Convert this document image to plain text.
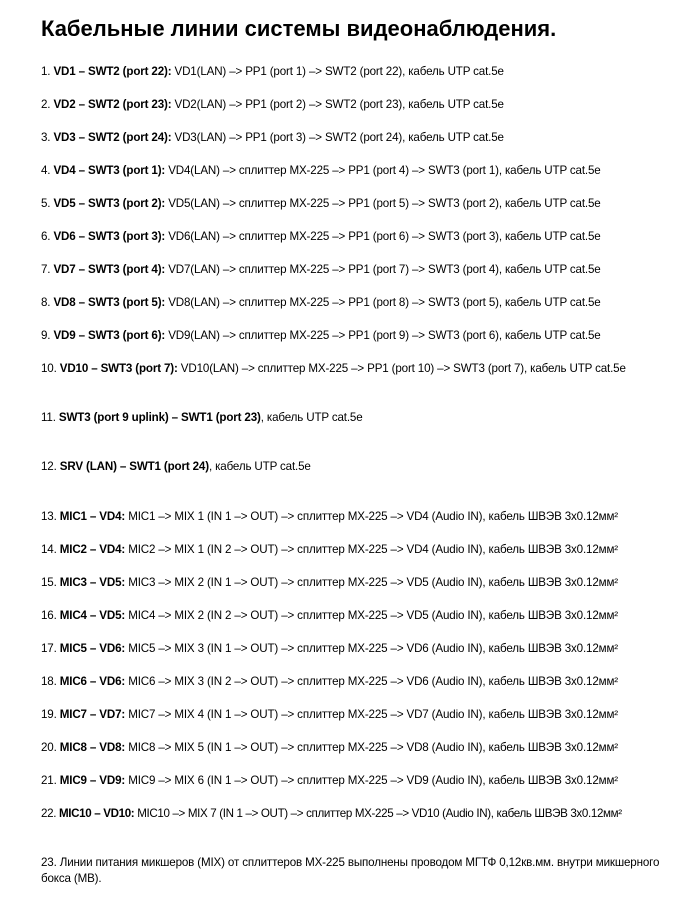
Кабельные линии системы видеонаблюдения.
1. VD1 – SWT2 (port 22): VD1(LAN) –> PP1 (port 1) –> SWT2 (port 22), кабель UTP cat.5e
2. VD2 – SWT2 (port 23): VD2(LAN) –> PP1 (port 2) –> SWT2 (port 23), кабель UTP cat.5e
3. VD3 – SWT2 (port 24): VD3(LAN) –> PP1 (port 3) –> SWT2 (port 24), кабель UTP cat.5e
4. VD4 – SWT3 (port 1): VD4(LAN) –> сплиттер MX-225 –> PP1 (port 4) –> SWT3 (port 1), кабель UTP cat.5e
5. VD5 – SWT3 (port 2): VD5(LAN) –> сплиттер MX-225 –> PP1 (port 5) –> SWT3 (port 2), кабель UTP cat.5e
6. VD6 – SWT3 (port 3): VD6(LAN) –> сплиттер MX-225 –> PP1 (port 6) –> SWT3 (port 3), кабель UTP cat.5e
7. VD7 – SWT3 (port 4): VD7(LAN) –> сплиттер MX-225 –> PP1 (port 7) –> SWT3 (port 4), кабель UTP cat.5e
8. VD8 – SWT3 (port 5): VD8(LAN) –> сплиттер MX-225 –> PP1 (port 8) –> SWT3 (port 5), кабель UTP cat.5e
9. VD9 – SWT3 (port 6): VD9(LAN) –> сплиттер MX-225 –> PP1 (port 9) –> SWT3 (port 6), кабель UTP cat.5e
10. VD10 – SWT3 (port 7): VD10(LAN) –> сплиттер MX-225 –> PP1 (port 10) –> SWT3 (port 7), кабель UTP cat.5e
11. SWT3 (port 9 uplink) – SWT1 (port 23), кабель UTP cat.5e
12. SRV (LAN) – SWT1 (port 24), кабель UTP cat.5e
13. MIC1 – VD4: MIC1 –> MIX 1 (IN 1 –> OUT) –> сплиттер MX-225 –> VD4 (Audio IN), кабель ШВЭВ 3х0.12мм²
14. MIC2 – VD4: MIC2 –> MIX 1 (IN 2 –> OUT) –> сплиттер MX-225 –> VD4 (Audio IN), кабель ШВЭВ 3х0.12мм²
15. MIC3 – VD5: MIC3 –> MIX 2 (IN 1 –> OUT) –> сплиттер MX-225 –> VD5 (Audio IN), кабель ШВЭВ 3х0.12мм²
16. MIC4 – VD5: MIC4 –> MIX 2 (IN 2 –> OUT) –> сплиттер MX-225 –> VD5 (Audio IN), кабель ШВЭВ 3х0.12мм²
17. MIC5 – VD6: MIC5 –> MIX 3 (IN 1 –> OUT) –> сплиттер MX-225 –> VD6 (Audio IN), кабель ШВЭВ 3х0.12мм²
18. MIC6 – VD6: MIC6 –> MIX 3 (IN 2 –> OUT) –> сплиттер MX-225 –> VD6 (Audio IN), кабель ШВЭВ 3х0.12мм²
19. MIC7 – VD7: MIC7 –> MIX 4 (IN 1 –> OUT) –> сплиттер MX-225 –> VD7 (Audio IN), кабель ШВЭВ 3х0.12мм²
20. MIC8 – VD8: MIC8 –> MIX 5 (IN 1 –> OUT) –> сплиттер MX-225 –> VD8 (Audio IN), кабель ШВЭВ 3х0.12мм²
21. MIC9 – VD9: MIC9 –> MIX 6 (IN 1 –> OUT) –> сплиттер MX-225 –> VD9 (Audio IN), кабель ШВЭВ 3х0.12мм²
22. MIC10 – VD10: MIC10 –> MIX 7 (IN 1 –> OUT) –> сплиттер MX-225 –> VD10 (Audio IN), кабель ШВЭВ 3х0.12мм²
23. Линии питания микшеров (MIX) от сплиттеров MX-225 выполнены проводом МГТФ 0,12кв.мм. внутри микшерного бокса (MB).
